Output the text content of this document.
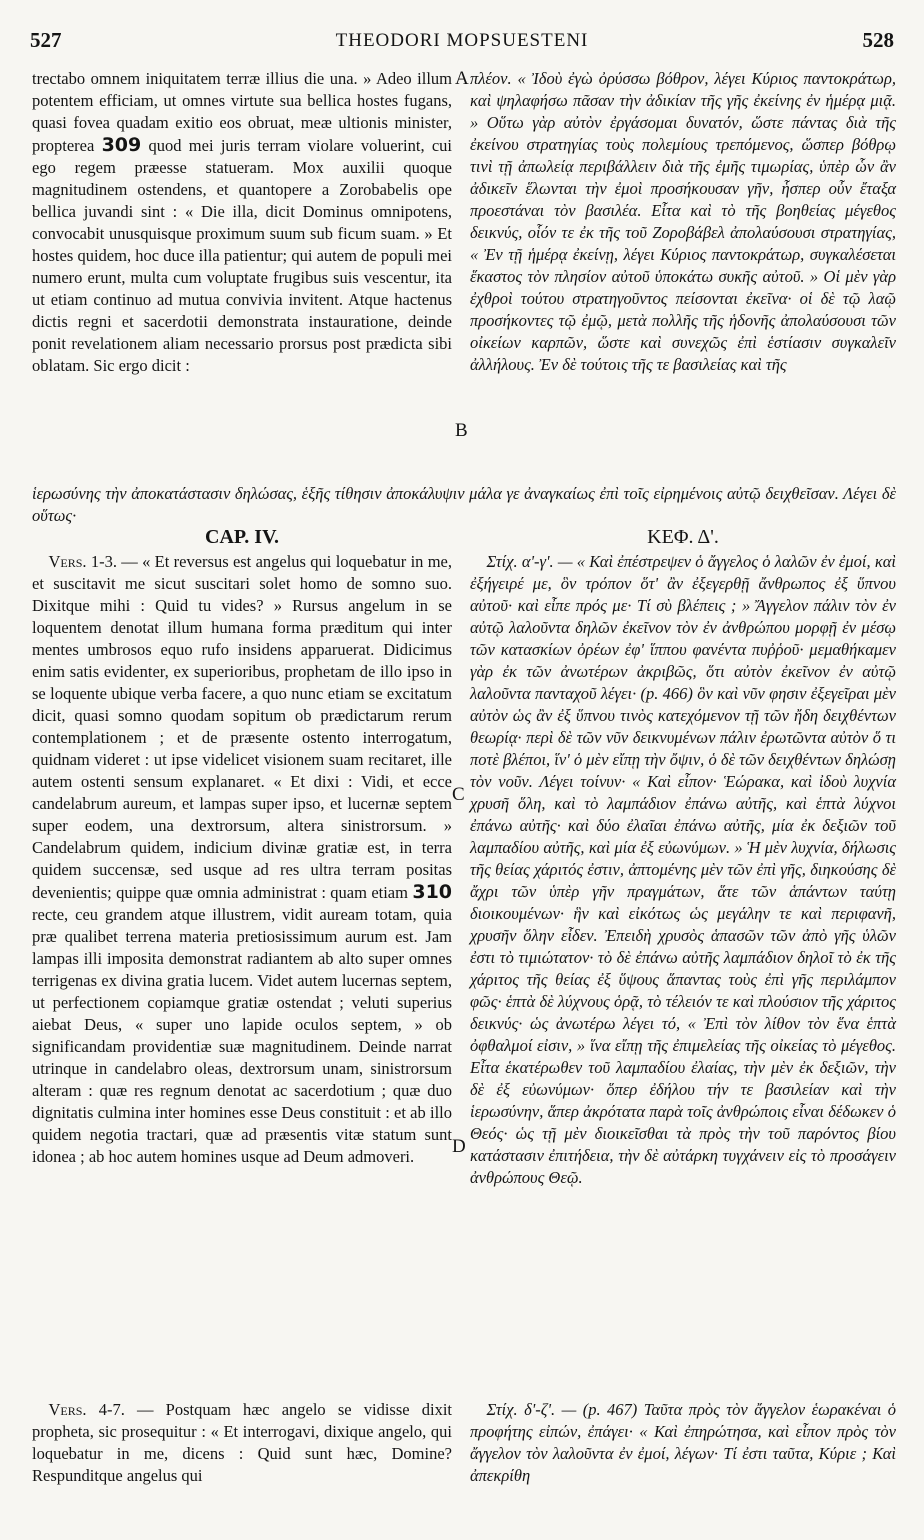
527	THEODORI MOPSUESTENI	528
A
B
C
D

trectabo omnem iniquitatem terræ illius die una. » Adeo illum potentem efficiam, ut omnes virtute sua bellica hostes fugans, quasi fovea quadam exitio eos obruat, meæ ultionis minister, propterea 309 quod mei juris terram violare voluerint, cui ego regem præesse statueram. Mox auxilii quoque magnitudinem ostendens, et quantopere a Zorobabelis ope bellica juvandi sint : « Die illa, dicit Dominus omnipotens, convocabit unusquisque proximum suum sub ficum suam. » Et hostes quidem, hoc duce illa patientur; qui autem de populi mei numero erunt, multa cum voluptate frugibus suis vescentur, ita ut etiam continuo ad mutua convivia invitent. Atque hactenus dictis regni et sacerdotii demonstrata instauratione, deinde ponit revelationem aliam necessario prorsus post prædicta sibi oblatam. Sic ergo dicit :

πλέον. « Ἰδοὺ ἐγὼ ὀρύσσω βόθρον, λέγει Κύριος παντοκράτωρ, καὶ ψηλαφήσω πᾶσαν τὴν ἀδικίαν τῆς γῆς ἐκείνης ἐν ἡμέρᾳ μιᾷ. » Οὕτω γὰρ αὐτὸν ἐργάσομαι δυνατόν, ὥστε πάντας διὰ τῆς ἐκείνου στρατηγίας τοὺς πολεμίους τρεπόμενος, ὥσπερ βόθρῳ τινὶ τῇ ἀπωλείᾳ περιβάλλειν διὰ τῆς ἐμῆς τιμωρίας, ὑπὲρ ὧν ἂν ἀδικεῖν ἕλωνται τὴν ἐμοὶ προσήκουσαν γῆν, ἧσπερ οὖν ἔταξα προεστάναι τὸν βασιλέα. Εἶτα καὶ τὸ τῆς βοηθείας μέγεθος δεικνύς, οἷόν τε ἐκ τῆς τοῦ Ζοροβάβελ ἀπολαύσουσι στρατηγίας, « Ἐν τῇ ἡμέρᾳ ἐκείνῃ, λέγει Κύριος παντοκράτωρ, συγκαλέσεται ἕκαστος τὸν πλησίον αὐτοῦ ὑποκάτω συκῆς αὐτοῦ. » Οἱ μὲν γὰρ ἐχθροὶ τούτου στρατηγοῦντος πείσονται ἐκεῖνα· οἱ δὲ τῷ λαῷ προσήκοντες τῷ ἐμῷ, μετὰ πολλῆς τῆς ἡδονῆς ἀπολαύσουσι τῶν οἰκείων καρπῶν, ὥστε καὶ συνεχῶς ἐπὶ ἑστίασιν συγκαλεῖν ἀλλήλους. Ἐν δὲ τούτοις τῆς τε βασιλείας καὶ τῆς

ἱερωσύνης τὴν ἀποκατάστασιν δηλώσας, ἑξῆς τίθησιν ἀποκάλυψιν μάλα γε ἀναγκαίως ἐπὶ τοῖς εἰρημένοις αὐτῷ δειχθεῖσαν. Λέγει δὲ οὕτως·

CAP. IV.	ΚΕΦ. Δ'.

 Vers. 1-3. — « Et reversus est angelus qui loquebatur in me, et suscitavit me sicut suscitari solet homo de somno suo. Dixitque mihi : Quid tu vides? » Rursus angelum in se loquentem denotat illum humana forma præditum qui inter mentes umbrosos equo rufo insidens apparuerat. Didicimus enim satis evidenter, ex superioribus, prophetam de illo ipso in se loquente ubique verba facere, a quo nunc etiam se excitatum dicit, quasi somno quodam sopitum ob prædictarum rerum contemplationem ; et de præsente ostento interrogatum, quidnam videret : ut ipse videlicet visionem suam recitaret, ille autem ostenti sensum explanaret. « Et dixi : Vidi, et ecce candelabrum aureum, et lampas super ipso, et lucernæ septem super eodem, una dextrorsum, altera sinistrorsum. » Candelabrum quidem, indicium divinæ gratiæ est, in terra quidem succensæ, sed usque ad res ultra terram positas devenientis; quippe quæ omnia administrat : quam etiam 310 recte, ceu grandem atque illustrem, vidit auream totam, quia præ qualibet terrena materia pretiosissimum aurum est. Jam lampas illi imposita demonstrat radiantem ab alto super omnes terrigenas ex divina gratia lucem. Videt autem lucernas septem, ut perfectionem copiamque gratiæ ostendat ; veluti superius aiebat Deus, « super uno lapide oculos septem, » ob significandam providentiæ suæ magnitudinem. Deinde narrat utrinque in candelabro oleas, dextrorsum unam, sinistrorsum alteram : quæ res regnum denotat ac sacerdotium ; quæ duo dignitatis culmina inter homines esse Deus constituit : et ab illo quidem negotia tractari, quæ ad præsentis vitæ statum sunt idonea ; ab hoc autem homines usque ad Deum admoveri.

 Στίχ. α'-γ'. — « Καὶ ἐπέστρεψεν ὁ ἄγγελος ὁ λαλῶν ἐν ἐμοί, καὶ ἐξήγειρέ με, ὃν τρόπον ὅτ' ἂν ἐξεγερθῇ ἄνθρωπος ἐξ ὕπνου αὐτοῦ· καὶ εἶπε πρός με· Τί σὺ βλέπεις ; » Ἄγγελον πάλιν τὸν ἐν αὐτῷ λαλοῦντα δηλῶν ἐκεῖνον τὸν ἐν ἀνθρώπου μορφῇ ἐν μέσῳ τῶν κατασκίων ὀρέων ἐφ' ἵππου φανέντα πυῤῥοῦ· μεμαθήκαμεν γὰρ ἐκ τῶν ἀνωτέρων ἀκριβῶς, ὅτι αὐτὸν ἐκεῖνον ἐν αὐτῷ λαλοῦντα πανταχοῦ λέγει· (p. 466) ὃν καὶ νῦν φησιν ἐξεγεῖραι μὲν αὐτὸν ὡς ἂν ἐξ ὕπνου τινὸς κατεχόμενον τῇ τῶν ἤδη δειχθέντων θεωρίᾳ· περὶ δὲ τῶν νῦν δεικνυμένων πάλιν ἐρωτῶντα αὐτὸν ὅ τι ποτὲ βλέποι, ἵν' ὁ μὲν εἴπῃ τὴν ὄψιν, ὁ δὲ τῶν δειχθέντων δηλώσῃ τὸν νοῦν. Λέγει τοίνυν· « Καὶ εἶπον· Ἑώρακα, καὶ ἰδοὺ λυχνία χρυσῆ ὅλη, καὶ τὸ λαμπάδιον ἐπάνω αὐτῆς, καὶ ἑπτὰ λύχνοι ἐπάνω αὐτῆς· καὶ δύο ἐλαῖαι ἐπάνω αὐτῆς, μία ἐκ δεξιῶν τοῦ λαμπαδίου αὐτῆς, καὶ μία ἐξ εὐωνύμων. » Ἡ μὲν λυχνία, δήλωσις τῆς θείας χάριτός ἐστιν, ἀπτομένης μὲν τῶν ἐπὶ γῆς, διηκούσης δὲ ἄχρι τῶν ὑπὲρ γῆν πραγμάτων, ἅτε τῶν ἁπάντων ταύτῃ διοικουμένων· ἣν καὶ εἰκότως ὡς μεγάλην τε καὶ περιφανῆ, χρυσῆν ὅλην εἶδεν. Ἐπειδὴ χρυσὸς ἁπασῶν τῶν ἀπὸ γῆς ὑλῶν ἐστι τὸ τιμιώτατον· τὸ δὲ ἐπάνω αὐτῆς λαμπάδιον δηλοῖ τὸ ἐκ τῆς χάριτος τῆς θείας ἐξ ὕψους ἅπαντας τοὺς ἐπὶ γῆς περιλάμπον φῶς· ἑπτὰ δὲ λύχνους ὁρᾷ, τὸ τέλειόν τε καὶ πλούσιον τῆς χάριτος δεικνύς· ὡς ἀνωτέρω λέγει τό, « Ἐπὶ τὸν λίθον τὸν ἕνα ἑπτὰ ὀφθαλμοί εἰσιν, » ἵνα εἴπῃ τῆς ἐπιμελείας τῆς οἰκείας τὸ μέγεθος. Εἶτα ἑκατέρωθεν τοῦ λαμπαδίου ἐλαίας, τὴν μὲν ἐκ δεξιῶν, τὴν δὲ ἐξ εὐωνύμων· ὅπερ ἐδήλου τήν τε βασιλείαν καὶ τὴν ἱερωσύνην, ἅπερ ἀκρότατα παρὰ τοῖς ἀνθρώποις εἶναι δέδωκεν ὁ Θεός· ὡς τῇ μὲν διοικεῖσθαι τὰ πρὸς τὴν τοῦ παρόντος βίου κατάστασιν ἐπιτήδεια, τὴν δὲ αὐτάρκη τυγχάνειν εἰς τὸ προσάγειν ἀνθρώπους Θεῷ.

 Vers. 4-7. — Postquam hæc angelo se vidisse dixit propheta, sic prosequitur : « Et interrogavi, dixique angelo, qui loquebatur in me, dicens : Quid sunt hæc, Domine? Respunditque angelus qui

 Στίχ. δ'-ζ'. — (p. 467) Ταῦτα πρὸς τὸν ἄγγελον ἑωρακέναι ὁ προφήτης εἰπών, ἐπάγει· « Καὶ ἐπηρώτησα, καὶ εἶπον πρὸς τὸν ἄγγελον τὸν λαλοῦντα ἐν ἐμοί, λέγων· Τί ἐστι ταῦτα, Κύριε ; Καὶ ἀπεκρίθη
